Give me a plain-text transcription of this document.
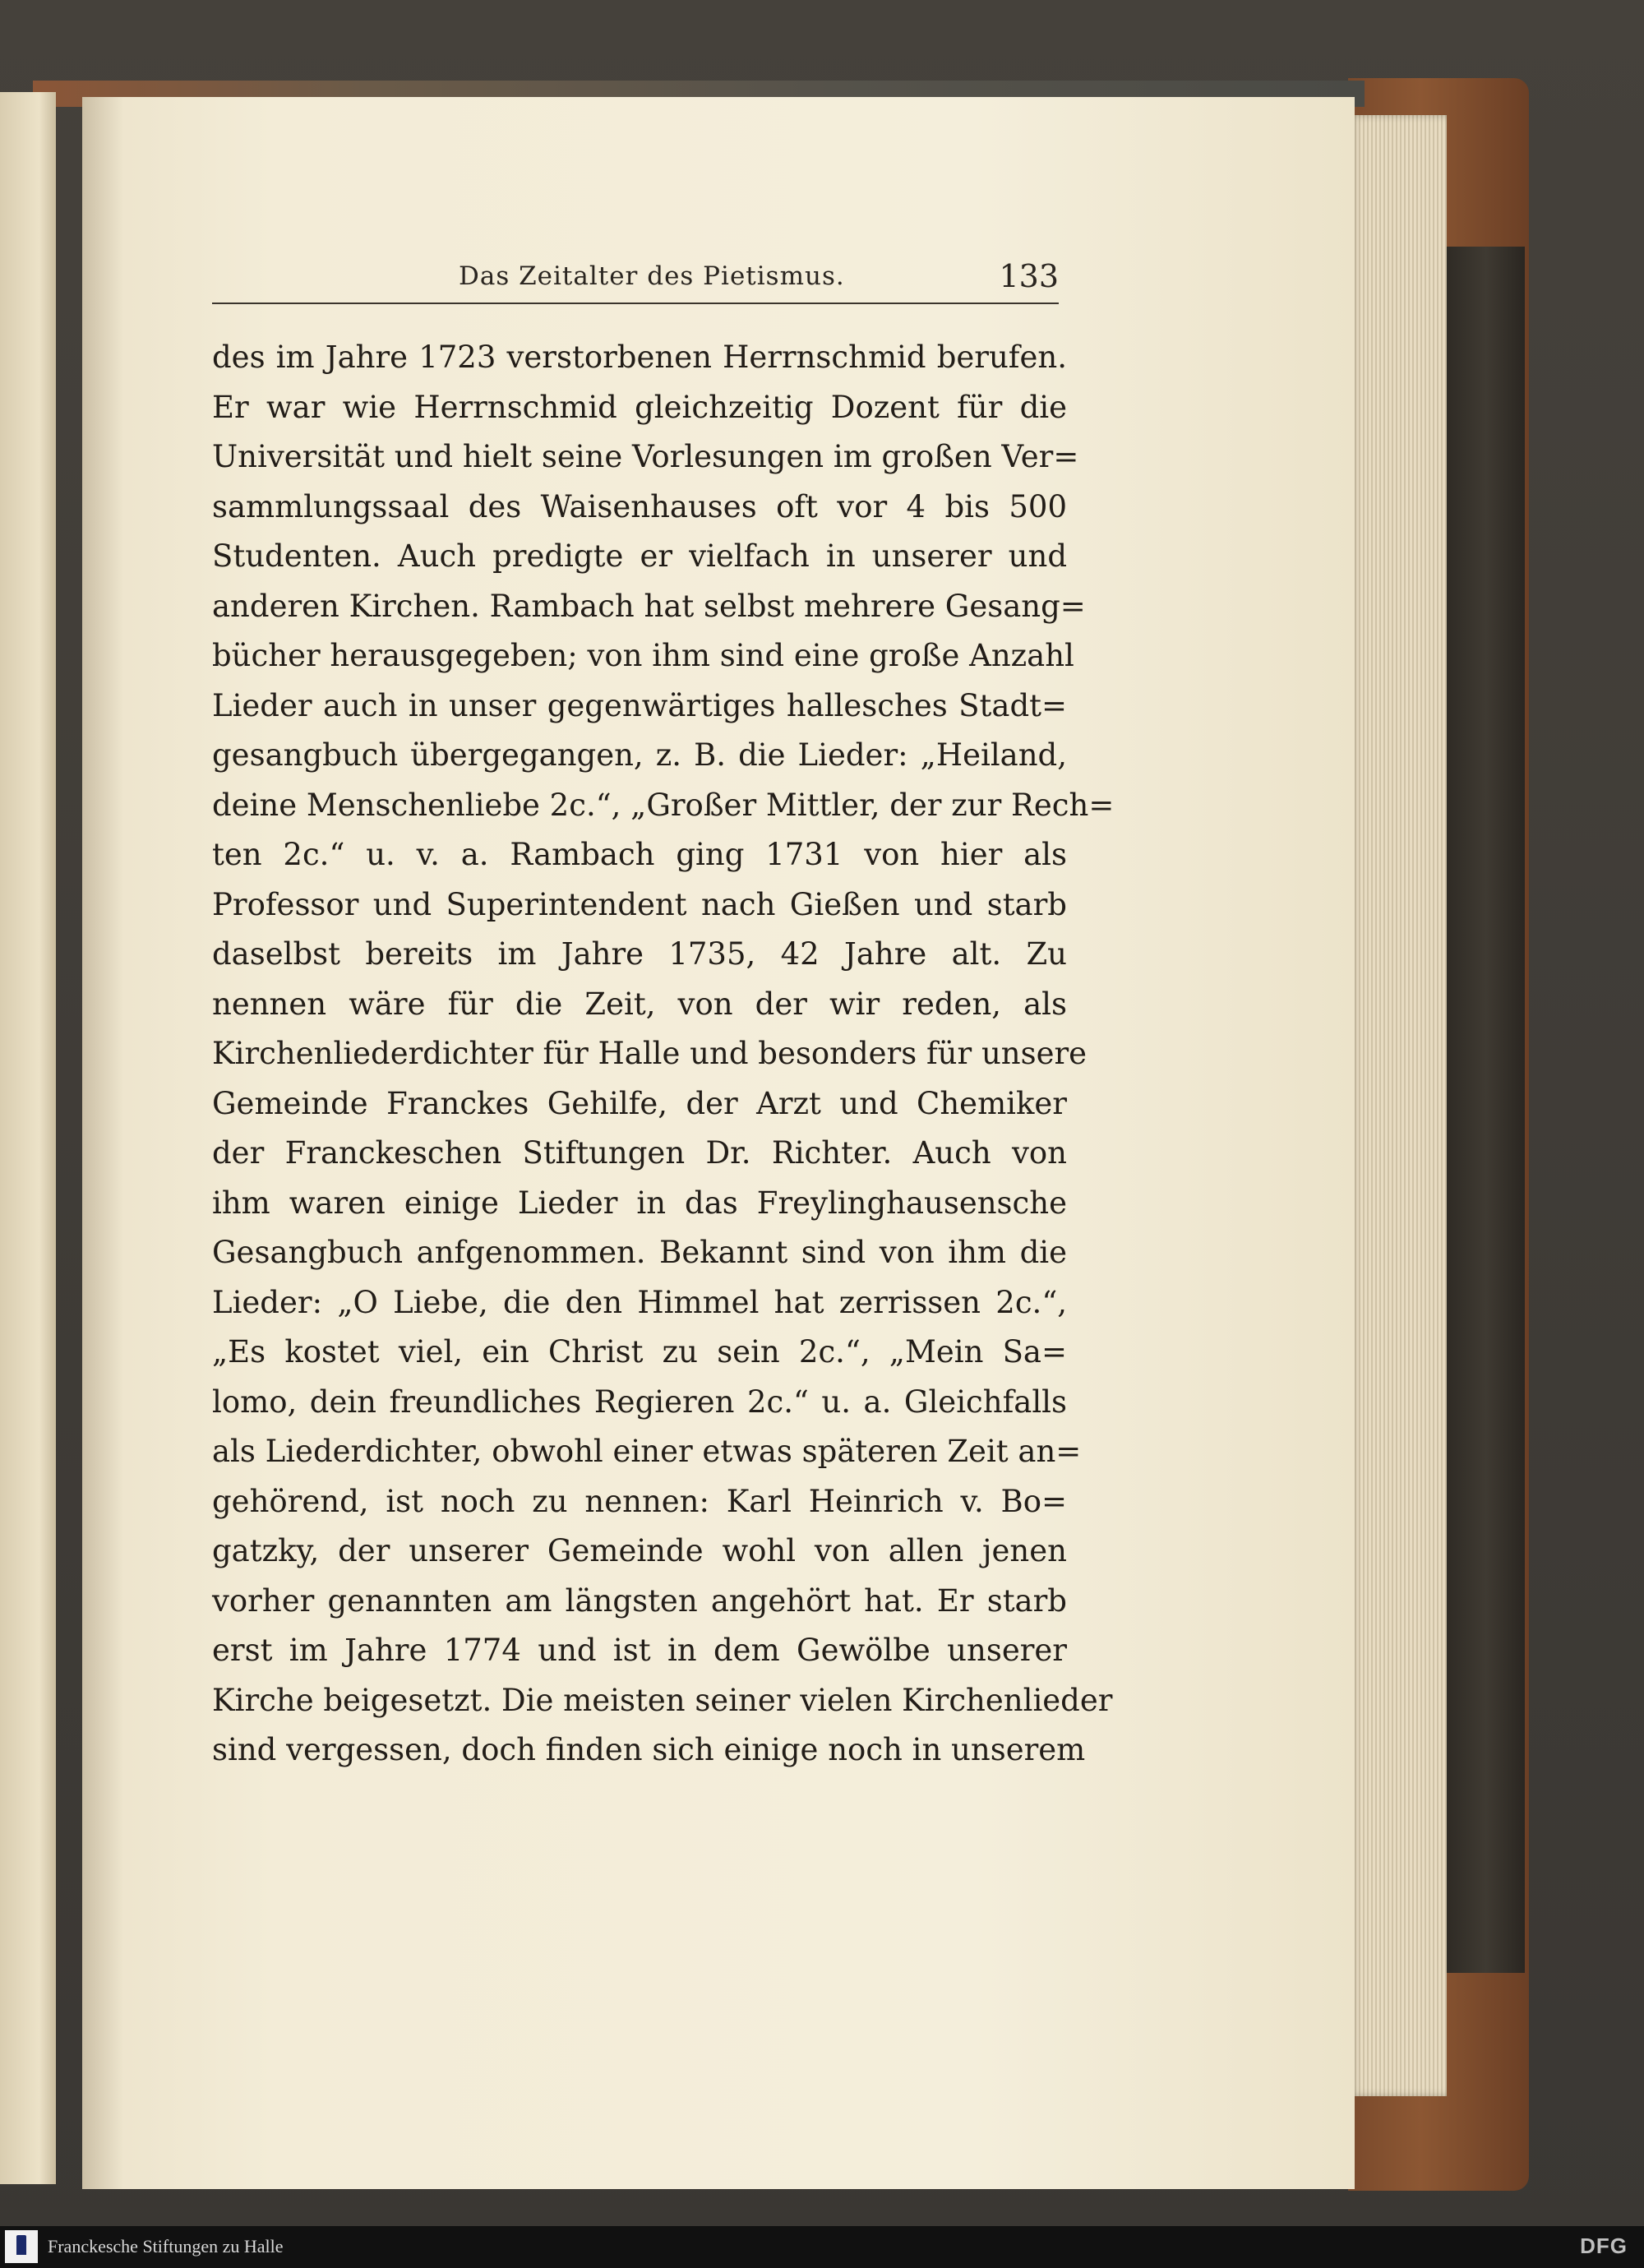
Das Zeitalter des Pietismus.	133
des im Jahre 1723 verstorbenen Herrnschmid berufen.
Er war wie Herrnschmid gleichzeitig Dozent für die
Universität und hielt seine Vorlesungen im großen Ver=
sammlungssaal des Waisenhauses oft vor 4 bis 500
Studenten. Auch predigte er vielfach in unserer und
anderen Kirchen. Rambach hat selbst mehrere Gesang=
bücher herausgegeben; von ihm sind eine große Anzahl
Lieder auch in unser gegenwärtiges hallesches Stadt=
gesangbuch übergegangen, z. B. die Lieder: „Heiland,
deine Menschenliebe 2c.“, „Großer Mittler, der zur Rech=
ten 2c.“ u. v. a. Rambach ging 1731 von hier als
Professor und Superintendent nach Gießen und starb
daselbst bereits im Jahre 1735, 42 Jahre alt. Zu
nennen wäre für die Zeit, von der wir reden, als
Kirchenliederdichter für Halle und besonders für unsere
Gemeinde Franckes Gehilfe, der Arzt und Chemiker
der Franckeschen Stiftungen Dr. Richter. Auch von
ihm waren einige Lieder in das Freylinghausensche
Gesangbuch anfgenommen. Bekannt sind von ihm die
Lieder: „O Liebe, die den Himmel hat zerrissen 2c.“,
„Es kostet viel, ein Christ zu sein 2c.“, „Mein Sa=
lomo, dein freundliches Regieren 2c.“ u. a. Gleichfalls
als Liederdichter, obwohl einer etwas späteren Zeit an=
gehörend, ist noch zu nennen: Karl Heinrich v. Bo=
gatzky, der unserer Gemeinde wohl von allen jenen
vorher genannten am längsten angehört hat. Er starb
erst im Jahre 1774 und ist in dem Gewölbe unserer
Kirche beigesetzt. Die meisten seiner vielen Kirchenlieder
sind vergessen, doch finden sich einige noch in unserem
Franckesche Stiftungen zu Halle	DFG
